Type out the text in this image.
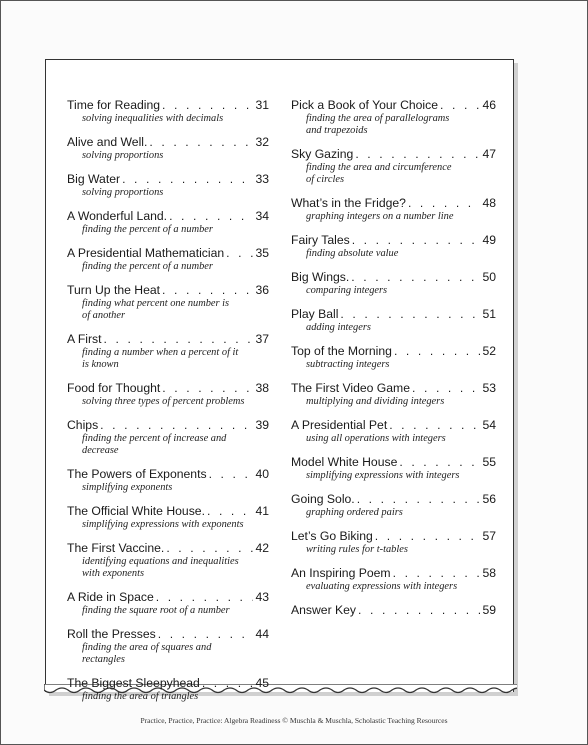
Time for Reading . . .	31
solving inequalities with decimals
Alive and Well. . . .	32
solving proportions
Big Water . . .	33
solving proportions
A Wonderful Land. . . .	34
finding the percent of a number
A Presidential Mathematician . . .	35
finding the percent of a number
Turn Up the Heat . . .	36
finding what percent one number is
of another
A First . . .	37
finding a number when a percent of it
is known
Food for Thought . . .	38
solving three types of percent problems
Chips . . .	39
finding the percent of increase and
decrease
The Powers of Exponents . . .	40
simplifying exponents
The Official White House. . . .	41
simplifying expressions with exponents
The First Vaccine. . . .	42
identifying equations and inequalities
with exponents
A Ride in Space . . .	43
finding the square root of a number
Roll the Presses . . .	44
finding the area of squares and
rectangles
The Biggest Sleepyhead . . .	45
finding the area of triangles
Pick a Book of Your Choice . . .	46
finding the area of parallelograms
and trapezoids
Sky Gazing . . .	47
finding the area and circumference
of circles
What’s in the Fridge? . . .	48
graphing integers on a number line
Fairy Tales . . .	49
finding absolute value
Big Wings. . . .	50
comparing integers
Play Ball . . .	51
adding integers
Top of the Morning . . .	52
subtracting integers
The First Video Game . . .	53
multiplying and dividing integers
A Presidential Pet . . .	54
using all operations with integers
Model White House . . .	55
simplifying expressions with integers
Going Solo. . . .	56
graphing ordered pairs
Let’s Go Biking . . .	57
writing rules for t-tables
An Inspiring Poem . . .	58
evaluating expressions with integers
Answer Key . . .	59
Practice, Practice, Practice: Algebra Readiness © Muschla & Muschla, Scholastic Teaching Resources
